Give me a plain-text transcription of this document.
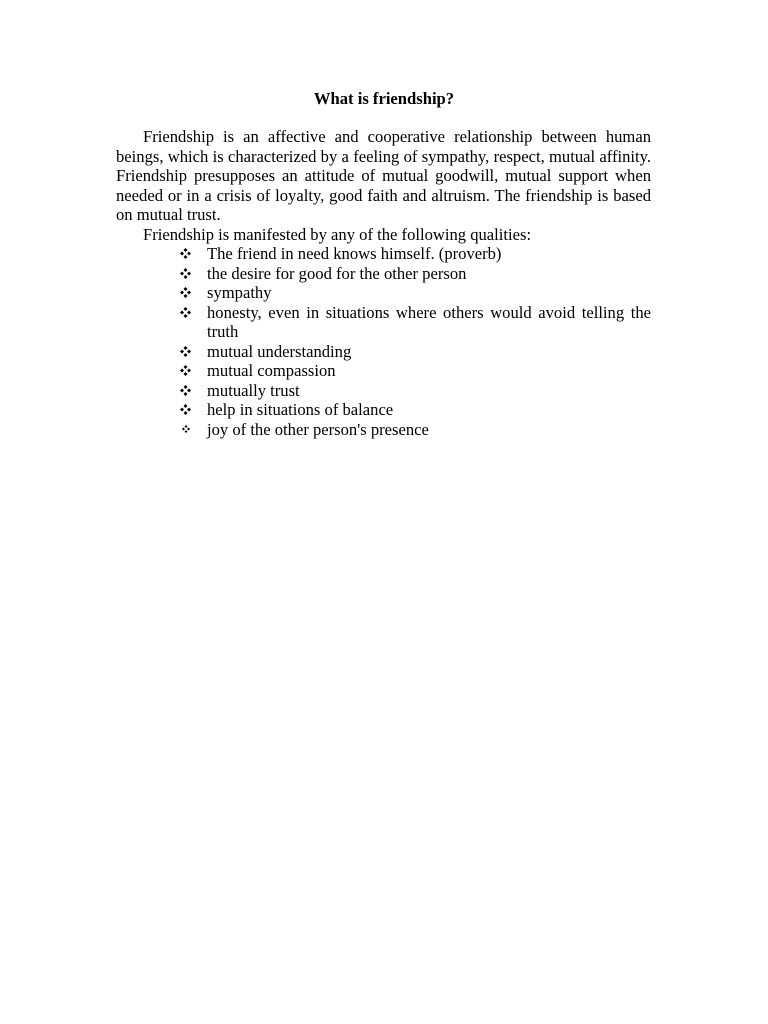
What is friendship?

Friendship is an affective and cooperative relationship between human beings, which is characterized by a feeling of sympathy, respect, mutual affinity. Friendship presupposes an attitude of mutual goodwill, mutual support when needed or in a crisis of loyalty, good faith and altruism. The friendship is based on mutual trust.

Friendship is manifested by any of the following qualities:

The friend in need knows himself. (proverb)
the desire for good for the other person
sympathy
honesty, even in situations where others would avoid telling the truth
mutual understanding
mutual compassion
mutually trust
help in situations of balance
joy of the other person's presence
